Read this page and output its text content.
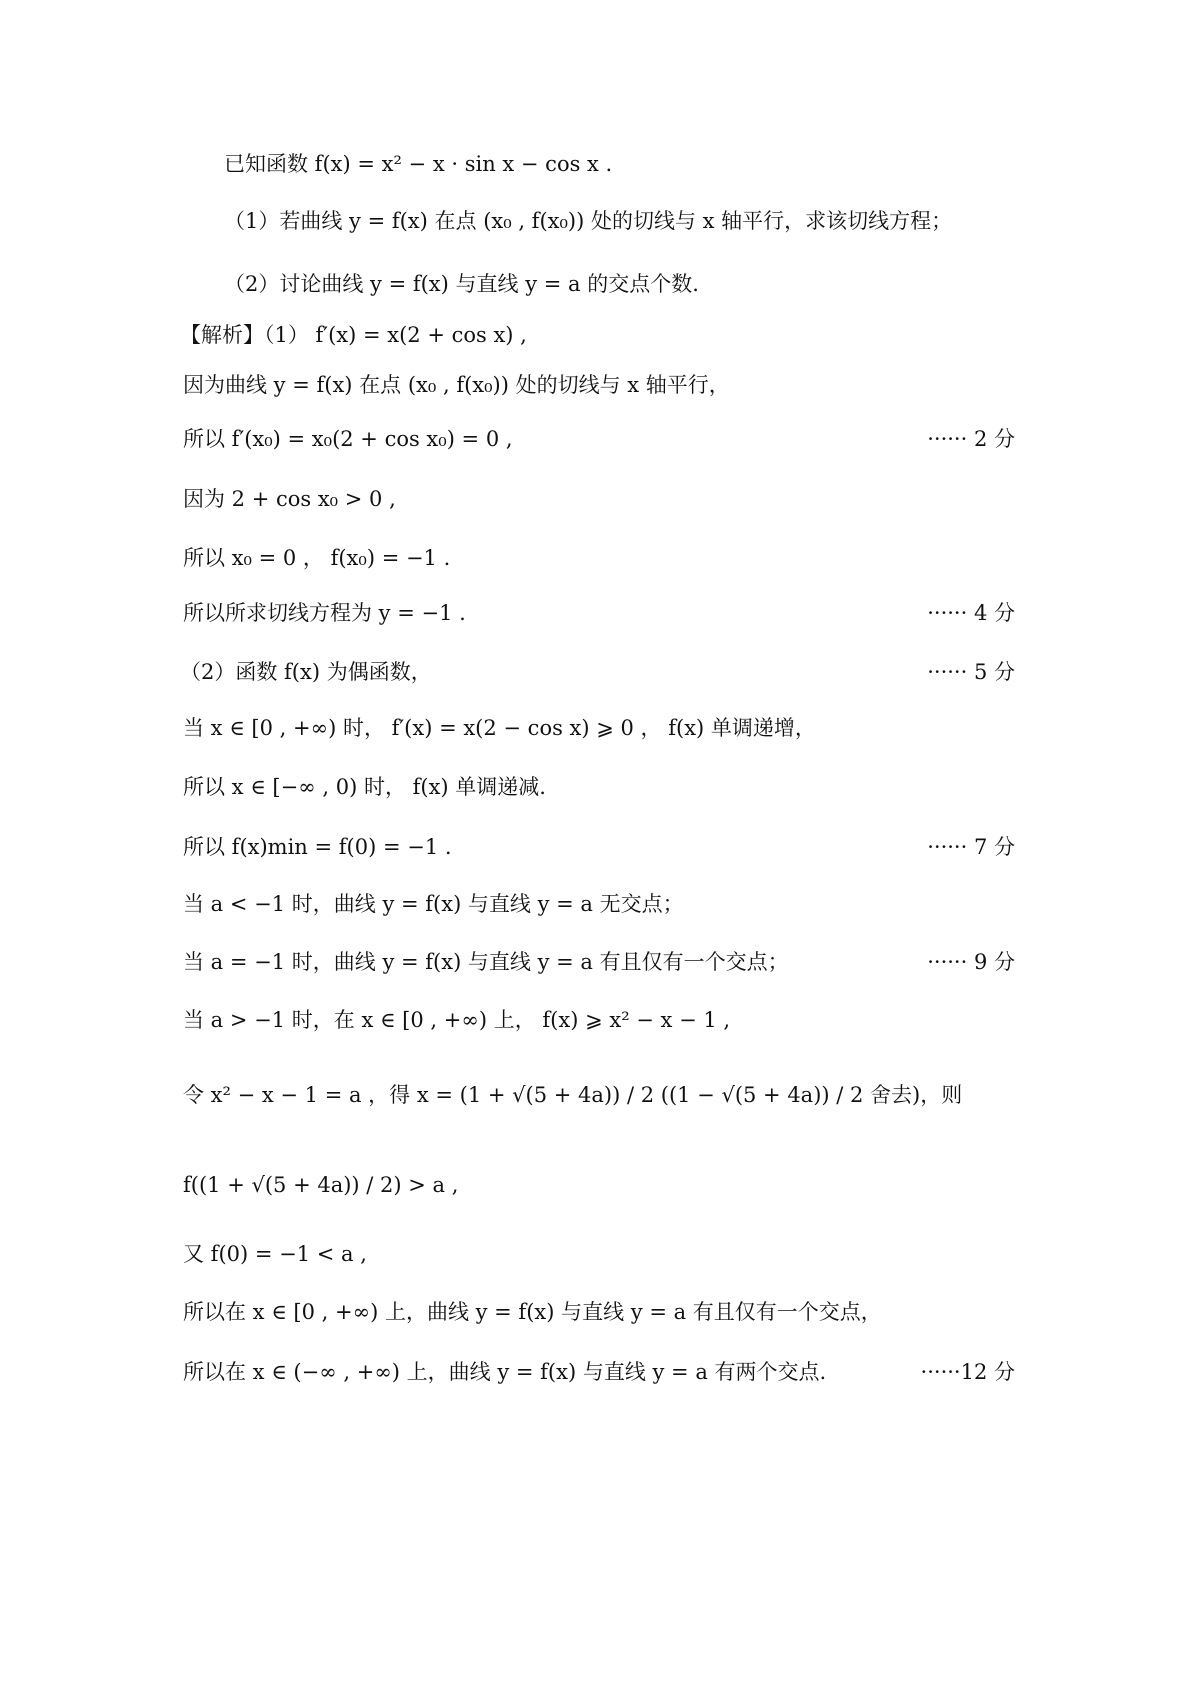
已知函数 f(x) = x² − x · sin x − cos x .
（1）若曲线 y = f(x) 在点 (x₀ , f(x₀)) 处的切线与 x 轴平行，求该切线方程；
（2）讨论曲线 y = f(x) 与直线 y = a 的交点个数.
【解析】（1） f′(x) = x(2 + cos x) ,
因为曲线 y = f(x) 在点 (x₀ , f(x₀)) 处的切线与 x 轴平行，
所以 f′(x₀) = x₀(2 + cos x₀) = 0 ,	······ 2 分
因为 2 + cos x₀ > 0 ,
所以 x₀ = 0 ， f(x₀) = −1 .
所以所求切线方程为 y = −1 .	······ 4 分
（2）函数 f(x) 为偶函数，	······ 5 分
当 x ∈ [0 , +∞) 时， f′(x) = x(2 − cos x) ⩾ 0 ， f(x) 单调递增，
所以 x ∈ [−∞ , 0) 时， f(x) 单调递减.
所以 f(x)min = f(0) = −1 .	······ 7 分
当 a < −1 时，曲线 y = f(x) 与直线 y = a 无交点；
当 a = −1 时，曲线 y = f(x) 与直线 y = a 有且仅有一个交点；	······ 9 分
当 a > −1 时，在 x ∈ [0 , +∞) 上， f(x) ⩾ x² − x − 1 ,
令 x² − x − 1 = a ，得 x = (1 + √(5 + 4a)) / 2 ((1 − √(5 + 4a)) / 2 舍去)，则
f((1 + √(5 + 4a)) / 2) > a ,
又 f(0) = −1 < a ,
所以在 x ∈ [0 , +∞) 上，曲线 y = f(x) 与直线 y = a 有且仅有一个交点，
所以在 x ∈ (−∞ , +∞) 上，曲线 y = f(x) 与直线 y = a 有两个交点.	······12 分
